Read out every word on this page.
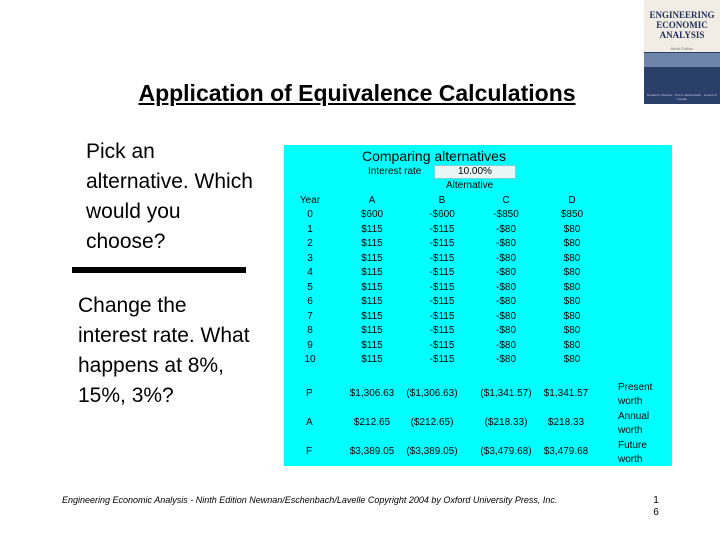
ENGINEERING
ECONOMIC
ANALYSIS
Ninth Edition
Donald G. Newnan · Ted G. Eschenbach · Jerome P. Lavelle
Application of Equivalence Calculations
Pick an alternative. Which would you choose?
Change the interest rate. What happens at 8%, 15%, 3%?
Comparing alternatives
Interest rate	10.00%
Alternative
Year	A	B	C	D
0	$600	-$600	-$850	$850
1	$115	-$115	-$80	$80
2	$115	-$115	-$80	$80
3	$115	-$115	-$80	$80
4	$115	-$115	-$80	$80
5	$115	-$115	-$80	$80
6	$115	-$115	-$80	$80
7	$115	-$115	-$80	$80
8	$115	-$115	-$80	$80
9	$115	-$115	-$80	$80
10	$115	-$115	-$80	$80
P	$1,306.63	($1,306.63)	($1,341.57)	$1,341.57
Present
worth
A	$212.65	($212.65)	($218.33)	$218.33
Annual
worth
F	$3,389.05	($3,389.05)	($3,479.68)	$3,479.68
Future
worth
Engineering Economic Analysis - Ninth Edition Newnan/Eschenbach/Lavelle Copyright 2004 by Oxford University Press, Inc.	1
6
